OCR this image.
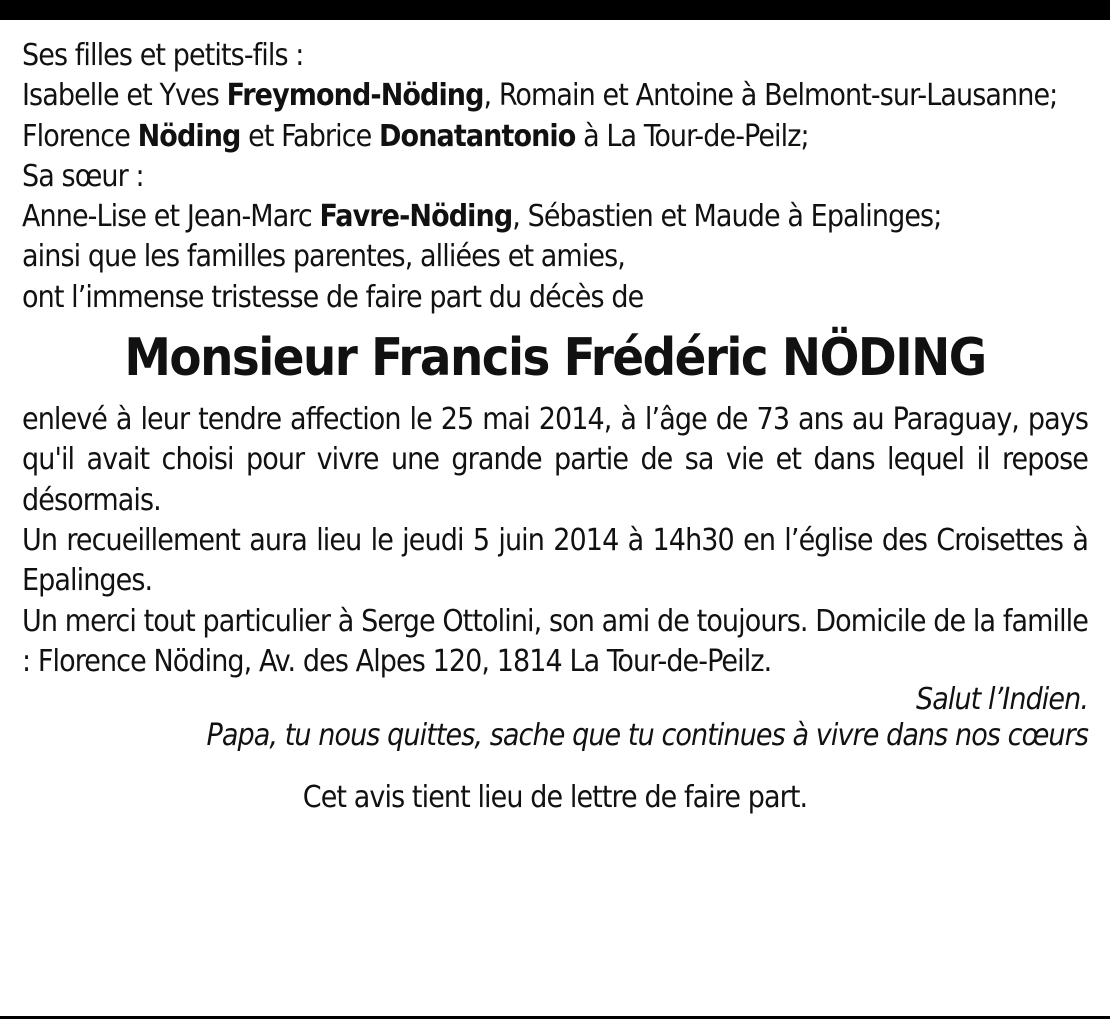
Ses filles et petits-fils :

Isabelle et Yves Freymond-Nöding, Romain et Antoine à Belmont-sur-Lausanne;

Florence Nöding et Fabrice Donatantonio à La Tour-de-Peilz;

Sa sœur :

Anne-Lise et Jean-Marc Favre-Nöding, Sébastien et Maude à Epalinges;

ainsi que les familles parentes, alliées et amies,

ont l’immense tristesse de faire part du décès de

Monsieur Francis Frédéric NÖDING

enlevé à leur tendre affection le 25 mai 2014, à l’âge de 73 ans au Paraguay, pays qu'il avait choisi pour vivre une grande partie de sa vie et dans lequel il repose désormais.

Un recueillement aura lieu le jeudi 5 juin 2014 à 14h30 en l’église des Croisettes à Epalinges.

Un merci tout particulier à Serge Ottolini, son ami de toujours. Domicile de la famille : Florence Nöding, Av. des Alpes 120, 1814 La Tour-de-Peilz.

Salut l’Indien.

Papa, tu nous quittes, sache que tu continues à vivre dans nos cœurs

Cet avis tient lieu de lettre de faire part.
